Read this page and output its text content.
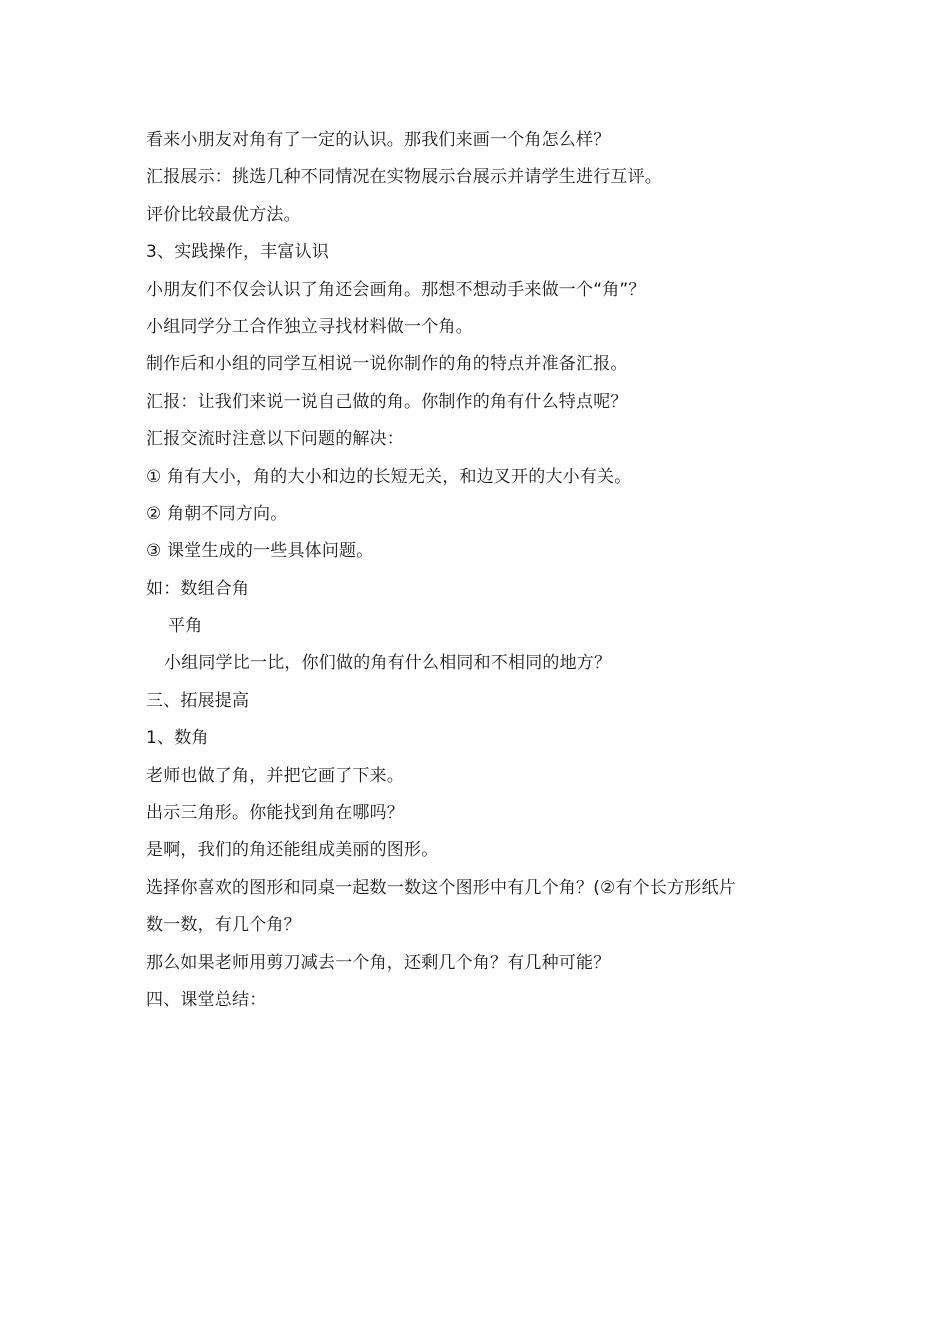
看来小朋友对角有了一定的认识。那我们来画一个角怎么样？
汇报展示：挑选几种不同情况在实物展示台展示并请学生进行互评。
评价比较最优方法。
3、实践操作，丰富认识
小朋友们不仅会认识了角还会画角。那想不想动手来做一个“角”？
小组同学分工合作独立寻找材料做一个角。
制作后和小组的同学互相说一说你制作的角的特点并准备汇报。
汇报：让我们来说一说自己做的角。你制作的角有什么特点呢？
汇报交流时注意以下问题的解决：
① 角有大小，角的大小和边的长短无关，和边叉开的大小有关。
② 角朝不同方向。
③ 课堂生成的一些具体问题。
如：数组合角
平角
小组同学比一比，你们做的角有什么相同和不相同的地方？
三、拓展提高
1、数角
老师也做了角，并把它画了下来。
出示三角形。你能找到角在哪吗？
是啊，我们的角还能组成美丽的图形。
选择你喜欢的图形和同桌一起数一数这个图形中有几个角？(②有个长方形纸片
数一数，有几个角？
那么如果老师用剪刀减去一个角，还剩几个角？有几种可能？
四、课堂总结：
